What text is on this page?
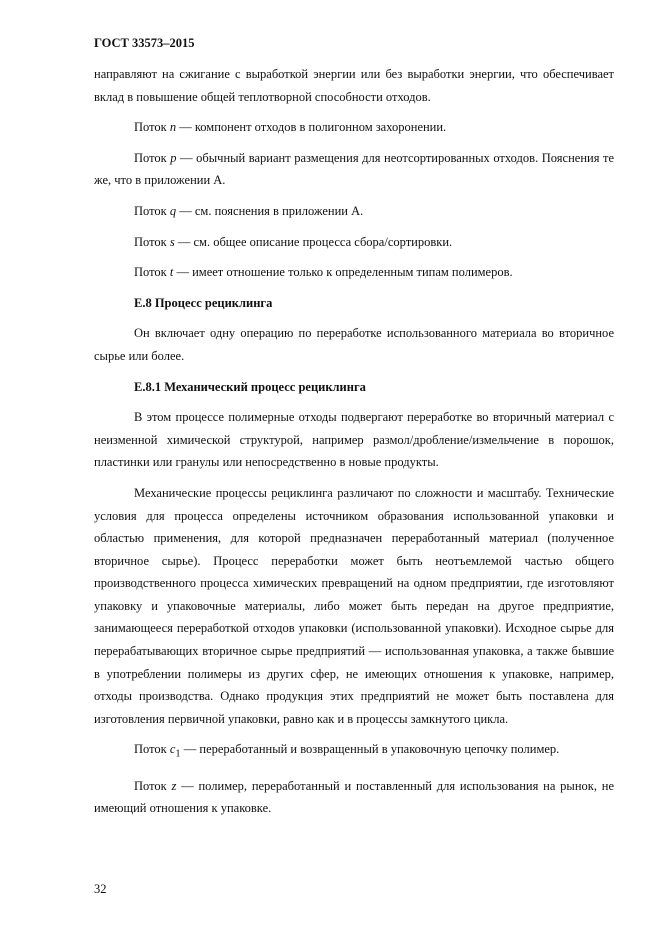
ГОСТ 33573–2015

направляют на сжигание с выработкой энергии или без выработки энергии, что обеспечивает вклад в повышение общей теплотворной способности отходов.

Поток n — компонент отходов в полигонном захоронении.

Поток p — обычный вариант размещения для неотсортированных отходов. Пояснения те же, что в приложении А.

Поток q — см. пояснения в приложении А.

Поток s — см. общее описание процесса сбора/сортировки.

Поток t — имеет отношение только к определенным типам полимеров.

Е.8 Процесс рециклинга

Он включает одну операцию по переработке использованного материала во вторичное сырье или более.

Е.8.1 Механический процесс рециклинга

В этом процессе полимерные отходы подвергают переработке во вторичный материал с неизменной химической структурой, например размол/дробление/измельчение в порошок, пластинки или гранулы или непосредственно в новые продукты.

Механические процессы рециклинга различают по сложности и масштабу. Технические условия для процесса определены источником образования использованной упаковки и областью применения, для которой предназначен переработанный материал (полученное вторичное сырье). Процесс переработки может быть неотъемлемой частью общего производственного процесса химических превращений на одном предприятии, где изготовляют упаковку и упаковочные материалы, либо может быть передан на другое предприятие, занимающееся переработкой отходов упаковки (использованной упаковки). Исходное сырье для перерабатывающих вторичное сырье предприятий — использованная упаковка, а также бывшие в употреблении полимеры из других сфер, не имеющих отношения к упаковке, например, отходы производства. Однако продукция этих предприятий не может быть поставлена для изготовления первичной упаковки, равно как и в процессы замкнутого цикла.

Поток $c_1$ — переработанный и возвращенный в упаковочную цепочку полимер.

Поток z — полимер, переработанный и поставленный для использования на рынок, не имеющий отношения к упаковке.

32
